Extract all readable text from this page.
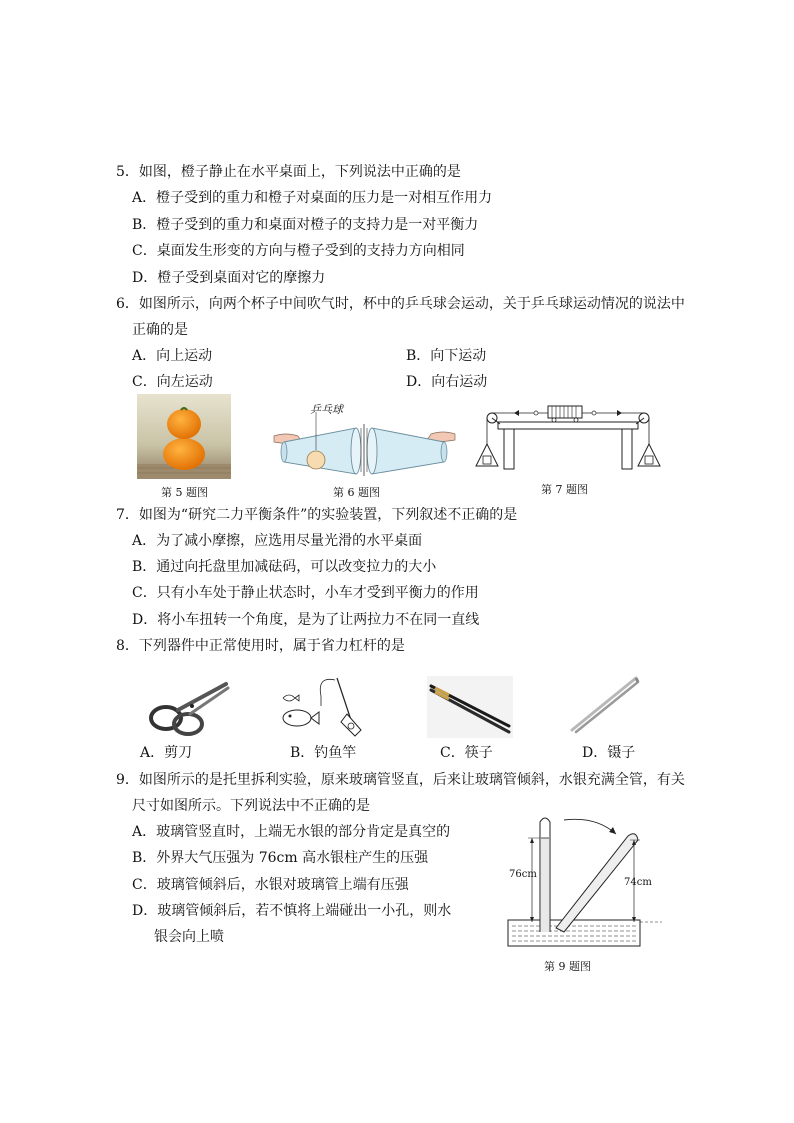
5．如图，橙子静止在水平桌面上，下列说法中正确的是
A．橙子受到的重力和橙子对桌面的压力是一对相互作用力
B．橙子受到的重力和桌面对橙子的支持力是一对平衡力
C．桌面发生形变的方向与橙子受到的支持力方向相同
D．橙子受到桌面对它的摩擦力
6．如图所示，向两个杯子中间吹气时，杯中的乒乓球会运动，关于乒乓球运动情况的说法中
正确的是
A．向上运动	B．向下运动
C．向左运动	D．向右运动
乒乓球
第 5 题图	第 6 题图	第 7 题图
7．如图为“研究二力平衡条件”的实验装置，下列叙述不正确的是
A．为了减小摩擦，应选用尽量光滑的水平桌面
B．通过向托盘里加减砝码，可以改变拉力的大小
C．只有小车处于静止状态时，小车才受到平衡力的作用
D．将小车扭转一个角度，是为了让两拉力不在同一直线
8．下列器件中正常使用时，属于省力杠杆的是
A．剪刀	B．钓鱼竿	C．筷子	D．镊子
9．如图所示的是托里拆利实验，原来玻璃管竖直，后来让玻璃管倾斜，水银充满全管，有关
尺寸如图所示。下列说法中不正确的是
A．玻璃管竖直时，上端无水银的部分肯定是真空的
B．外界大气压强为 76cm 高水银柱产生的压强
C．玻璃管倾斜后，水银对玻璃管上端有压强
D．玻璃管倾斜后，若不慎将上端碰出一小孔，则水
银会向上喷
76cm
74cm
第 9 题图
